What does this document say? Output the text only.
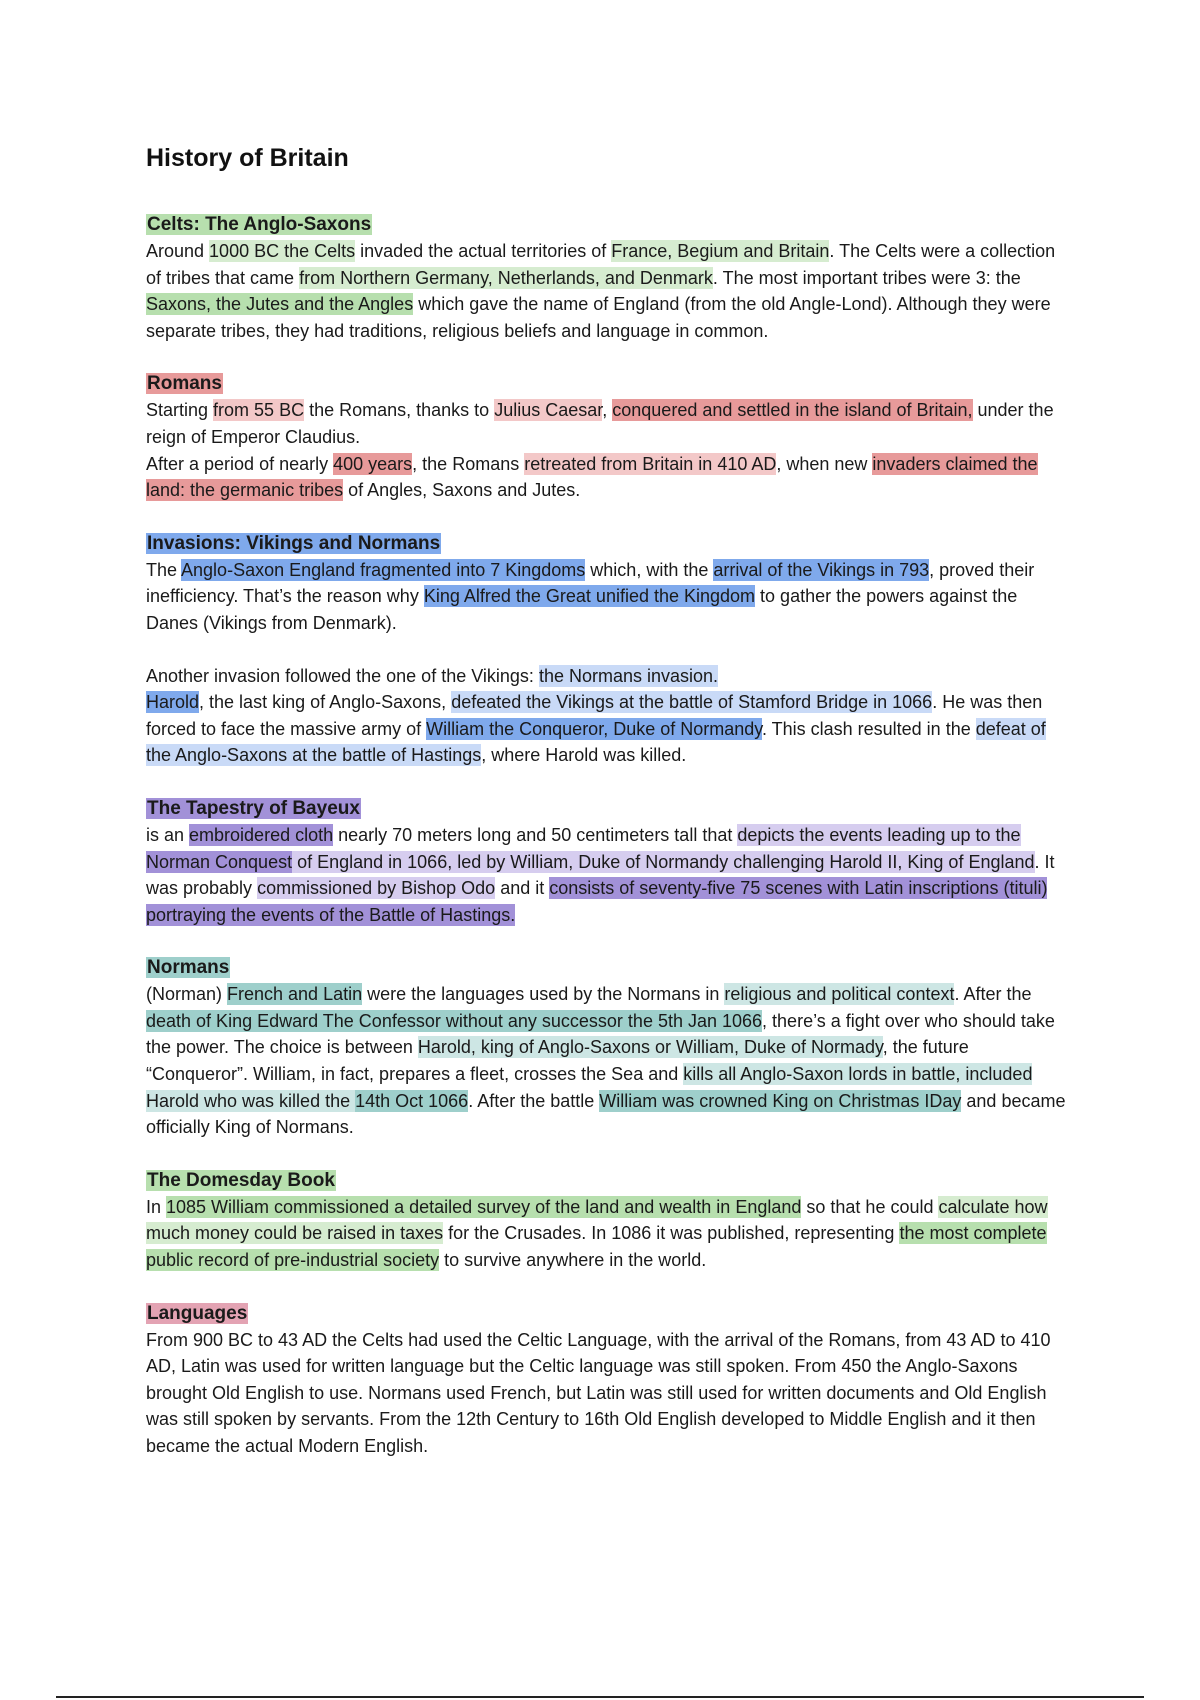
History of Britain
Celts: The Anglo-Saxons

Around 1000 BC the Celts invaded the actual territories of France, Begium and Britain. The Celts were a collection of tribes that came from Northern Germany, Netherlands, and Denmark. The most important tribes were 3: the Saxons, the Jutes and the Angles which gave the name of England (from the old Angle-Lond). Although they were separate tribes, they had traditions, religious beliefs and language in common.

Romans

Starting from 55 BC the Romans, thanks to Julius Caesar, conquered and settled in the island of Britain, under the reign of Emperor Claudius.

After a period of nearly 400 years, the Romans retreated from Britain in 410 AD, when new invaders claimed the land: the germanic tribes of Angles, Saxons and Jutes.

Invasions: Vikings and Normans

The Anglo-Saxon England fragmented into 7 Kingdoms which, with the arrival of the Vikings in 793, proved their inefficiency. That’s the reason why King Alfred the Great unified the Kingdom to gather the powers against the Danes (Vikings from Denmark).

Another invasion followed the one of the Vikings: the Normans invasion.

Harold, the last king of Anglo-Saxons, defeated the Vikings at the battle of Stamford Bridge in 1066. He was then forced to face the massive army of William the Conqueror, Duke of Normandy. This clash resulted in the defeat of the Anglo-Saxons at the battle of Hastings, where Harold was killed.

The Tapestry of Bayeux

is an embroidered cloth nearly 70 meters long and 50 centimeters tall that depicts the events leading up to the Norman Conquest of England in 1066, led by William, Duke of Normandy challenging Harold II, King of England. It was probably commissioned by Bishop Odo and it consists of seventy-five 75 scenes with Latin inscriptions (tituli) portraying the events of the Battle of Hastings.

Normans

(Norman) French and Latin were the languages used by the Normans in religious and political context. After the death of King Edward The Confessor without any successor the 5th Jan 1066, there’s a fight over who should take the power. The choice is between Harold, king of Anglo-Saxons or William, Duke of Normady, the future “Conqueror”. William, in fact, prepares a fleet, crosses the Sea and kills all Anglo-Saxon lords in battle, included Harold who was killed the 14th Oct 1066. After the battle William was crowned King on Christmas IDay and became officially King of Normans.

The Domesday Book

In 1085 William commissioned a detailed survey of the land and wealth in England so that he could calculate how much money could be raised in taxes for the Crusades. In 1086 it was published, representing the most complete public record of pre-industrial society to survive anywhere in the world.

Languages

From 900 BC to 43 AD the Celts had used the Celtic Language, with the arrival of the Romans, from 43 AD to 410 AD, Latin was used for written language but the Celtic language was still spoken. From 450 the Anglo-Saxons brought Old English to use. Normans used French, but Latin was still used for written documents and Old English was still spoken by servants. From the 12th Century to 16th Old English developed to Middle English and it then became the actual Modern English.
